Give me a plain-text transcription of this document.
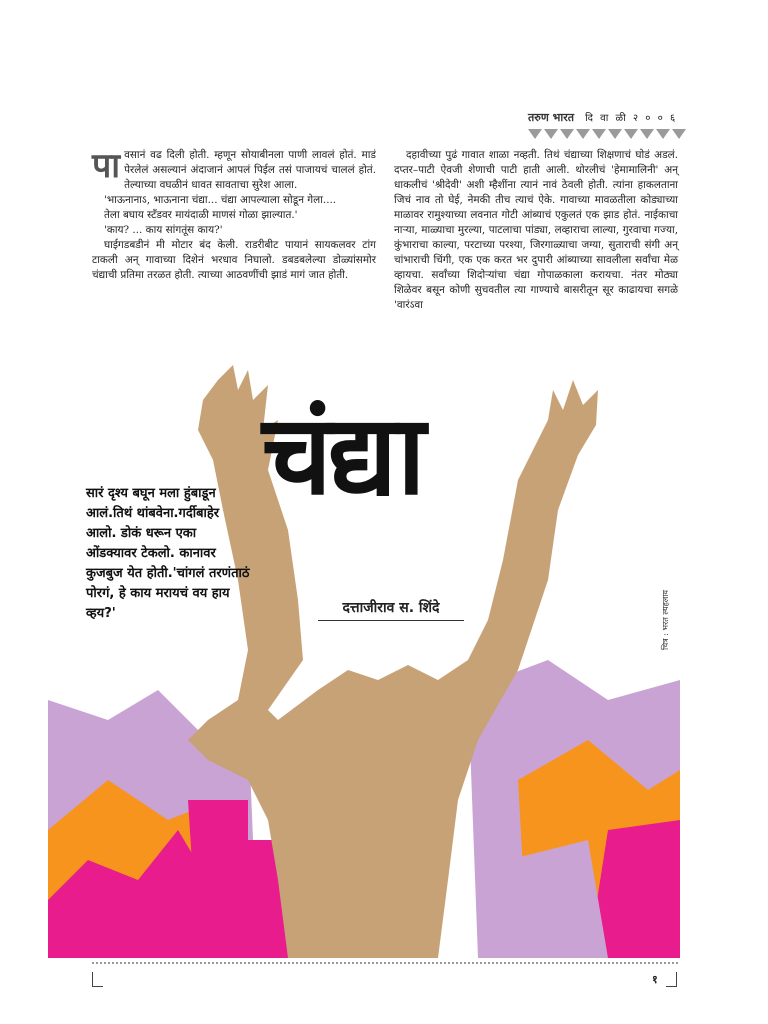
तरुण भारत दि वा ळी २ ० ० ६
पा वसानं वढ दिली होती. म्हणून सोयाबीनला पाणी लावलं होतं. माडं पेरलेलं असल्यानं अंदाजानं आपलं पिईल तसं पाजायचं चाललं होतं. तेल्याच्या वघळीनं धावत सावताचा सुरेश आला.

'भाऊनानाऽ, भाऊनाना चंद्या... चंद्या आपल्याला सोडून गेला....

तेला बघाय स्टॅंडवर मायंदाळी माणसं गोळा झाल्यात.'

'काय? ... काय सांगतूंस काय?'

घाईगडबडीनं मी मोटार बंद केली. राडरीबीट पायानं सायकलवर टांग टाकली अन् गावाच्या दिशेनं भरधाव निघालो. डबडबलेल्या डोळ्यांसमोर चंद्याची प्रतिमा तरळत होती. त्याच्या आठवणींची झाडं मागं जात होती.

दहावीच्या पुढं गावात शाळा नव्हती. तिथं चंद्याच्या शिक्षणाचं घोडं अडलं. दप्तर–पाटी ऐवजी शेणाची पाटी हाती आली. थोरलीचं 'हेमामालिनी' अन् धाकलीचं 'श्रीदेवी' अशी म्हैशींना त्यानं नावं ठेवली होती. त्यांना हाकलताना जिचं नाव तो घेई, नेमकी तीच त्याचं ऐके. गावाच्या मावळतीला कोड्याच्या माळावर रामुश्याच्या लवनात गोटी आंब्याचं एकुलतं एक झाड होतं. नाईकाचा नाऱ्या, माळ्याचा मुरल्या, पाटलाचा पांड्या, लव्हाराचा लाल्या, गुरवाचा गज्या, कुंभाराचा काल्या, परटाच्या परश्या, जिरगाळ्याचा जग्या, सुताराची संगी अन् चांभाराची चिंगी, एक एक करत भर दुपारी आंब्याच्या सावलीला सर्वांचा मेळ व्हायचा. सर्वांच्या शिदोऱ्यांचा चंद्या गोपाळकाला करायचा. नंतर मोठ्या शिळेवर बसून कोणी सुचवतील त्या गाण्याचे बासरीतून सूर काढायचा सगळे 'वारंऽवा

चंद्या
दत्ताजीराव स. शिंदे
सारं दृश्य बघून मला हुंबाडून आलं.तिथं थांबवेना.गर्दीबाहेर आलो. डोकं धरून एका ओंडक्यावर टेकलो. कानावर कुजबुज येत होती.'चांगलं तरणंताठं पोरगं, हे काय मरायचं वय हाय व्हय?'	चित्र : भरत ल्यहलाय
१
